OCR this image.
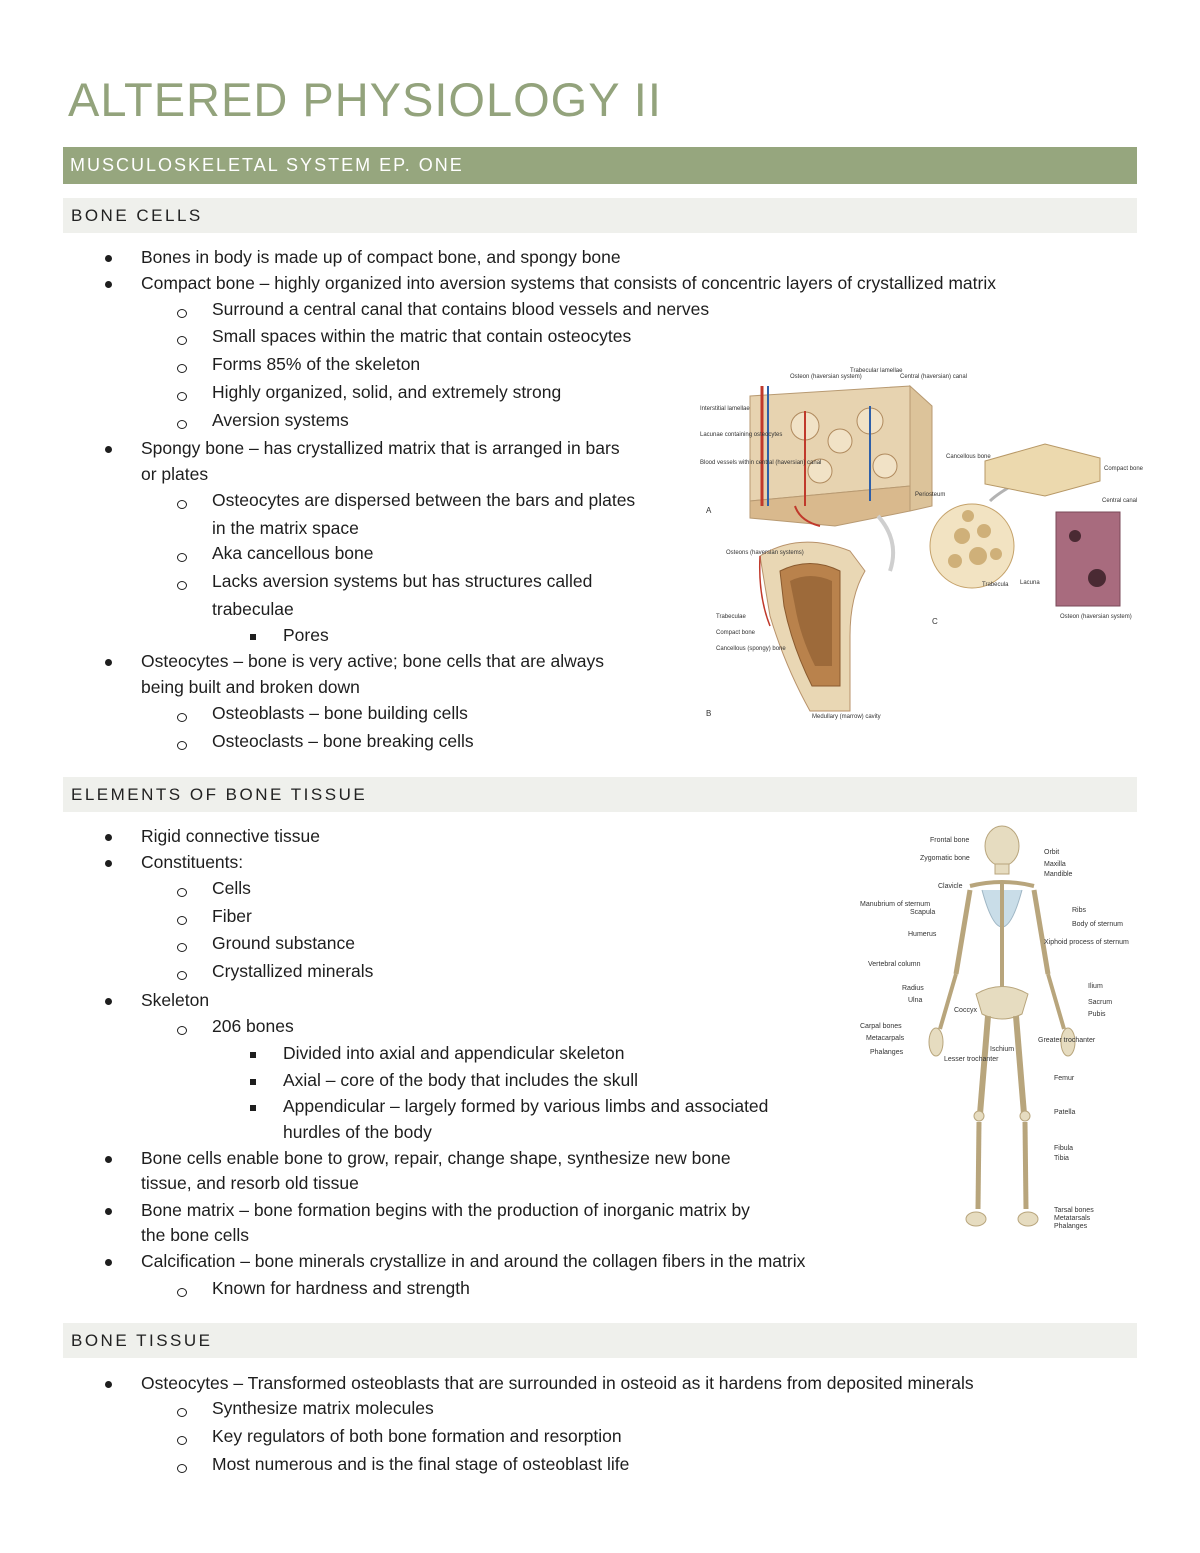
ALTERED PHYSIOLOGY II
MUSCULOSKELETAL SYSTEM EP. ONE
BONE CELLS
Bones in body is made up of compact bone, and spongy bone
Compact bone – highly organized into aversion systems that consists of concentric layers of crystallized matrix
Surround a central canal that contains blood vessels and nerves
Small spaces within the matric that contain osteocytes
Forms 85% of the skeleton
Highly organized, solid, and extremely strong
Aversion systems
Spongy bone – has crystallized matrix that is arranged in bars
or plates
Osteocytes are dispersed between the bars and plates
in the matrix space
Aka cancellous bone
Lacks aversion systems but has structures called
trabeculae
Pores
Osteocytes – bone is very active; bone cells that are always
being built and broken down
Osteoblasts – bone building cells
Osteoclasts – bone breaking cells
A
Osteon (haversian system)
Trabecular lamellae
Central (haversian) canal
Interstitial lamellae
Lacunae containing osteocytes
Blood vessels within central (haversian) canal
Periosteum
B
Osteons (haversian systems)
Trabeculae
Compact bone
Cancellous (spongy) bone
Medullary (marrow) cavity
C
Cancellous bone
Compact bone
Central canal
Trabecula Lacuna
Osteon (haversian system)
ELEMENTS OF BONE TISSUE
Rigid connective tissue
Constituents:
Cells
Fiber
Ground substance
Crystallized minerals
Skeleton
206 bones
Divided into axial and appendicular skeleton
Axial – core of the body that includes the skull
Appendicular – largely formed by various limbs and associated
hurdles of the body
Bone cells enable bone to grow, repair, change shape, synthesize new bone
tissue, and resorb old tissue
Bone matrix – bone formation begins with the production of inorganic matrix by
the bone cells
Calcification – bone minerals crystallize in and around the collagen fibers in the matrix
Known for hardness and strength
Frontal bone
Zygomatic bone
Clavicle
Manubrium of sternum
Scapula
Humerus
Vertebral column
Radius
Ulna
Coccyx
Carpal bones
Metacarpals
Phalanges
Lesser trochanter
Ischium
Orbit
Maxilla
Mandible
Ribs
Body of sternum
Xiphoid process of sternum
Ilium
Sacrum
Pubis
Greater trochanter
Femur
Patella
Fibula
Tibia
Tarsal bones
Metatarsals
Phalanges
BONE TISSUE
Osteocytes – Transformed osteoblasts that are surrounded in osteoid as it hardens from deposited minerals
Synthesize matrix molecules
Key regulators of both bone formation and resorption
Most numerous and is the final stage of osteoblast life
